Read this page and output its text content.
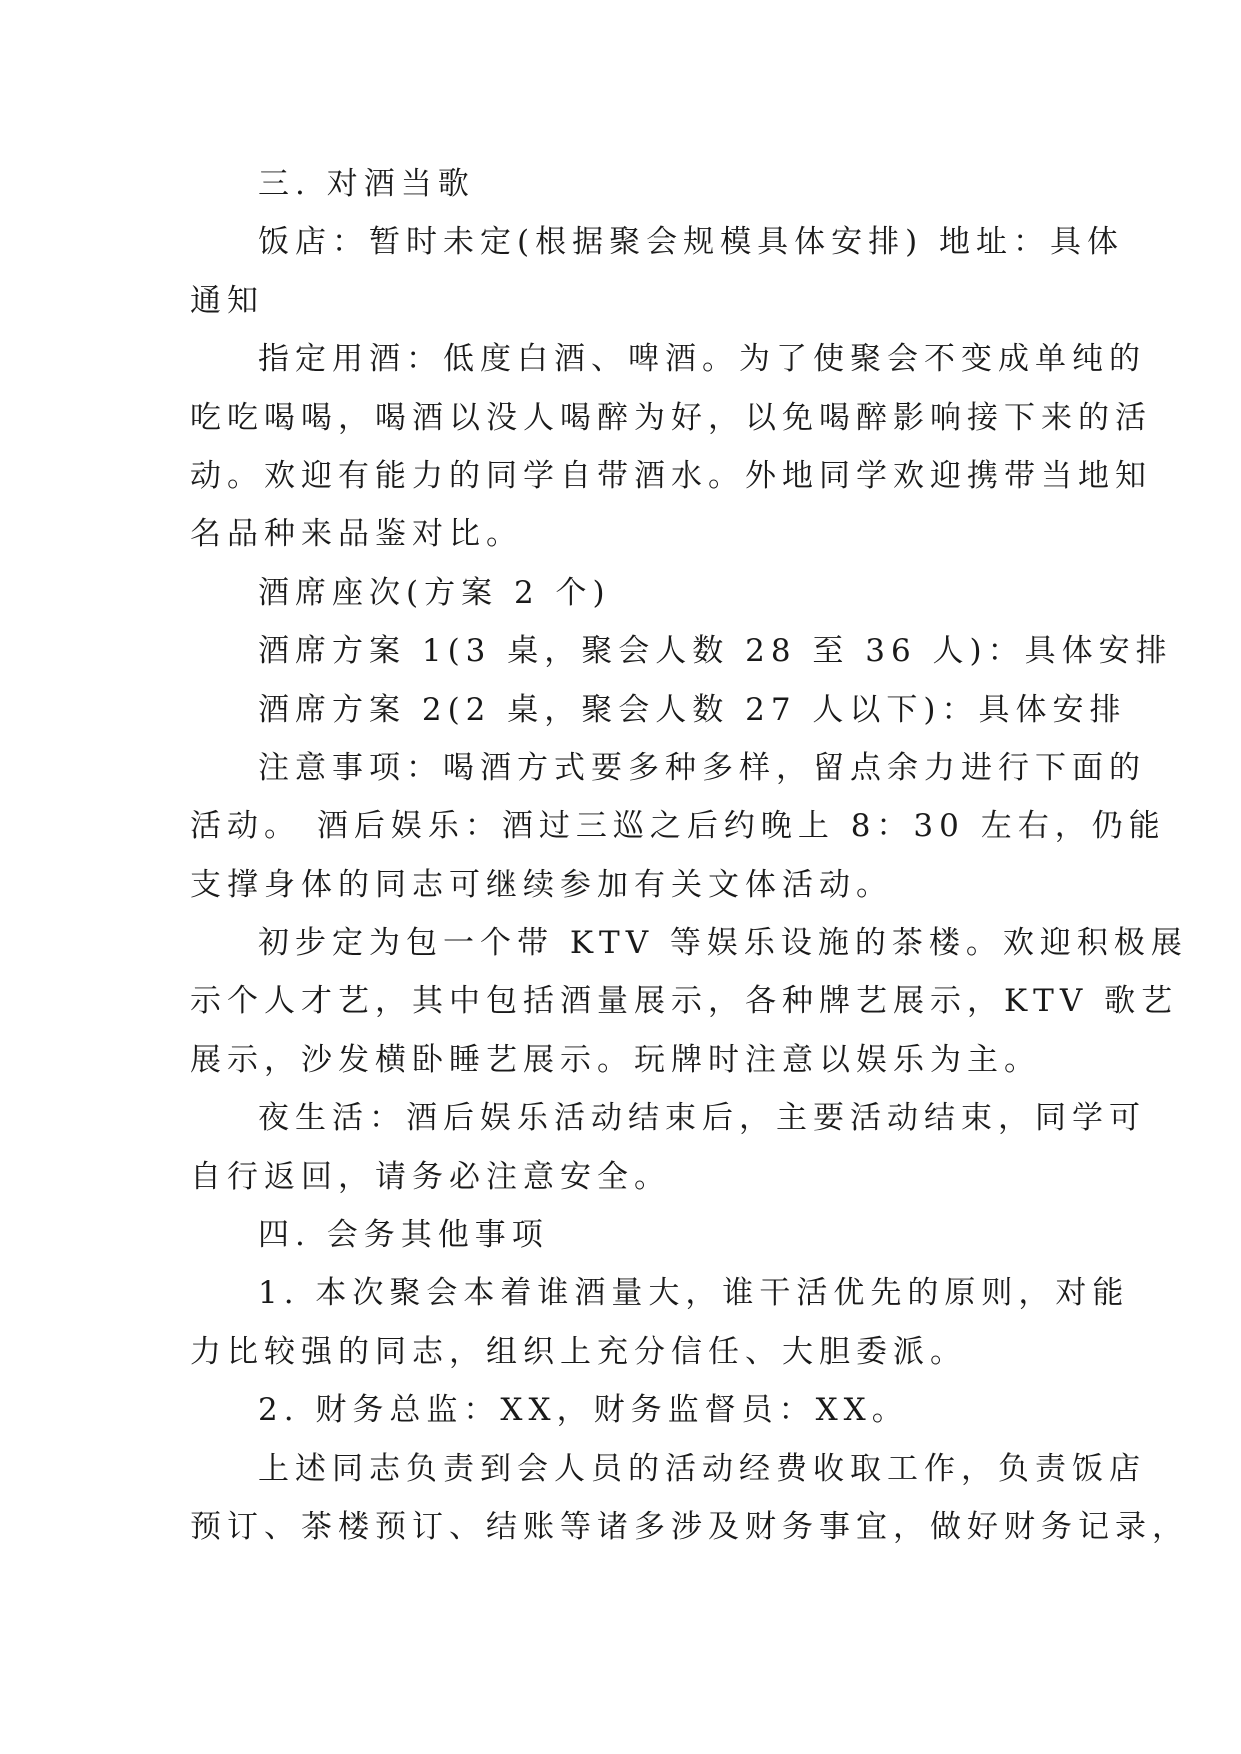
三. 对酒当歌
饭店：暂时未定(根据聚会规模具体安排) 地址：具体
通知
指定用酒：低度白酒、啤酒。为了使聚会不变成单纯的
吃吃喝喝，喝酒以没人喝醉为好，以免喝醉影响接下来的活
动。欢迎有能力的同学自带酒水。外地同学欢迎携带当地知
名品种来品鉴对比。
酒席座次(方案 2 个)
酒席方案 1(3 桌，聚会人数 28 至 36 人)：具体安排
酒席方案 2(2 桌，聚会人数 27 人以下)：具体安排
注意事项：喝酒方式要多种多样，留点余力进行下面的
活动。 酒后娱乐：酒过三巡之后约晚上 8：30 左右，仍能
支撑身体的同志可继续参加有关文体活动。
初步定为包一个带 KTV 等娱乐设施的茶楼。欢迎积极展
示个人才艺，其中包括酒量展示，各种牌艺展示，KTV 歌艺
展示，沙发横卧睡艺展示。玩牌时注意以娱乐为主。
夜生活：酒后娱乐活动结束后，主要活动结束，同学可
自行返回，请务必注意安全。
四. 会务其他事项
1. 本次聚会本着谁酒量大，谁干活优先的原则，对能
力比较强的同志，组织上充分信任、大胆委派。
2. 财务总监：XX，财务监督员：XX。
上述同志负责到会人员的活动经费收取工作，负责饭店
预订、茶楼预订、结账等诸多涉及财务事宜，做好财务记录，
